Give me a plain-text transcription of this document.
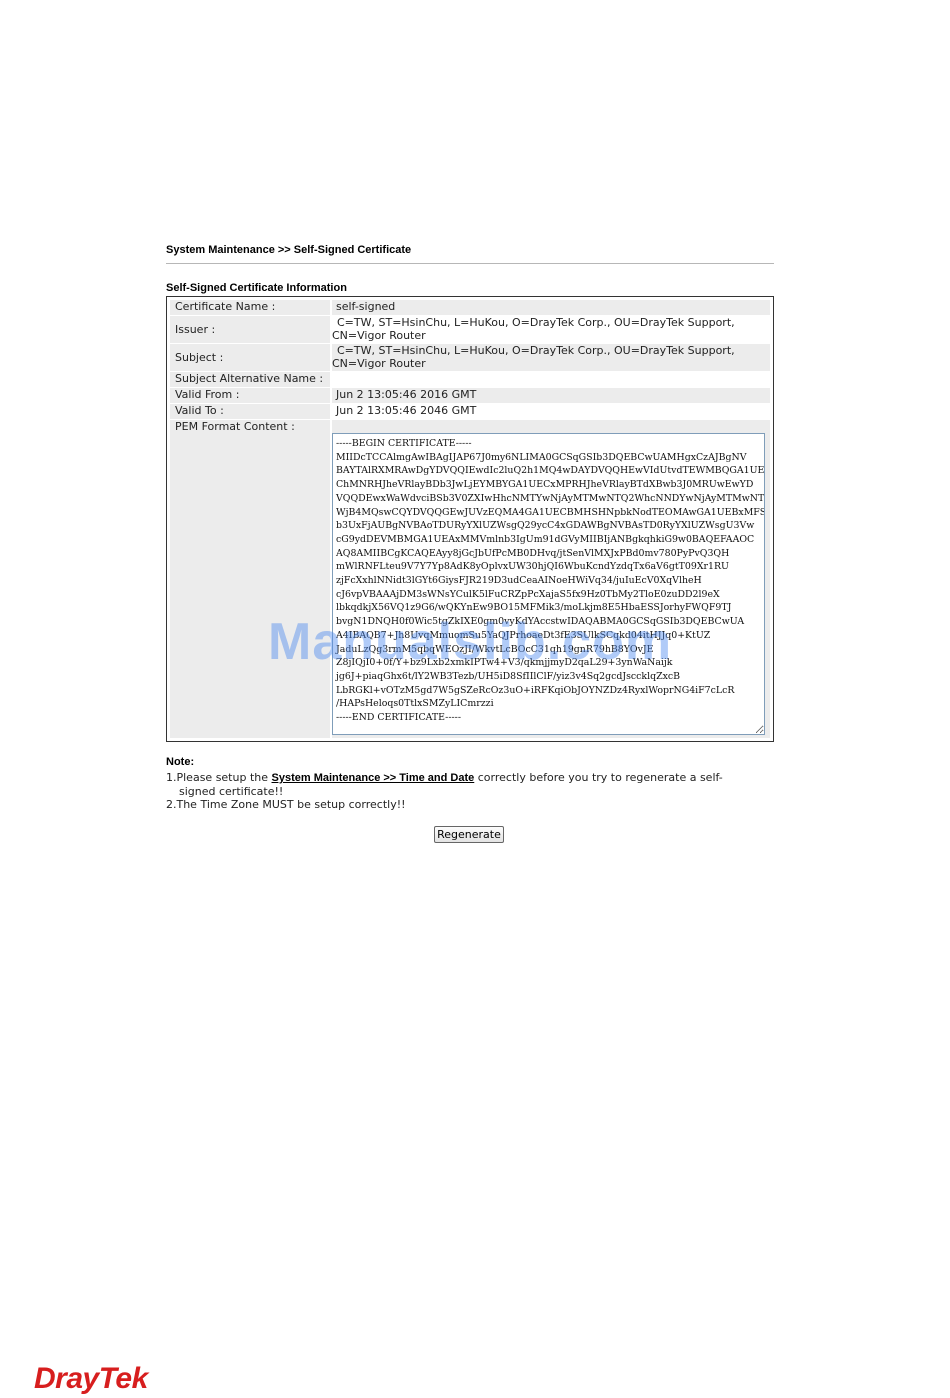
System Maintenance >> Self-Signed Certificate
Self-Signed Certificate Information
Certificate Name :	self-signed
Issuer :
C=TW, ST=HsinChu, L=HuKou, O=DrayTek Corp., OU=DrayTek Support,
CN=Vigor Router
Subject :
C=TW, ST=HsinChu, L=HuKou, O=DrayTek Corp., OU=DrayTek Support,
CN=Vigor Router
Subject Alternative Name :
Valid From :	Jun 2 13:05:46 2016 GMT
Valid To :	Jun 2 13:05:46 2046 GMT
PEM Format Content :
-----BEGIN CERTIFICATE----- MIIDcTCCAlmgAwIBAgIJAP67J0my6NLIMA0GCSqGSIb3DQEBCwUAMHgxCzAJBgNV BAYTAlRXMRAwDgYDVQQIEwdIc2luQ2h1MQ4wDAYDVQQHEwVIdUtvdTEWMBQGA1UE ChMNRHJheVRlayBDb3JwLjEYMBYGA1UECxMPRHJheVRlayBTdXBwb3J0MRUwEwYD VQQDEwxWaWdvciBSb3V0ZXIwHhcNMTYwNjAyMTMwNTQ2WhcNNDYwNjAyMTMwNTQ2 WjB4MQswCQYDVQQGEwJUVzEQMA4GA1UECBMHSHNpbkNodTEOMAwGA1UEBxMFSHVL b3UxFjAUBgNVBAoTDURyYXlUZWsgQ29ycC4xGDAWBgNVBAsTD0RyYXlUZWsgU3Vw cG9ydDEVMBMGA1UEAxMMVmlnb3IgUm91dGVyMIIBIjANBgkqhkiG9w0BAQEFAAOC AQ8AMIIBCgKCAQEAyy8jGcJbUfPcMB0DHvq/jtSenVlMXJxPBd0mv780PyPvQ3QH mWlRNFLteu9V7Y7Yp8AdK8yOplvxUW30hjQI6WbuKcndYzdqTx6aV6gtT09Xr1RU zjFcXxhlNNidt3lGYt6GiysFJR219D3udCeaAINoeHWiVq34/juIuEcV0XqVlheH cJ6vpVBAAAjDM3sWNsYCulK5lFuCRZpPcXajaS5fx9Hz0TbMy2TloE0zuDD2l9eX lbkqdkjX56VQ1z9G6/wQKYnEw9BO15MFMik3/moLkjm8E5HbaESSJorhyFWQF9TJ bvgN1DNQH0f0Wic5tgZkIXE0gm0vyKdYAccstwIDAQABMA0GCSqGSIb3DQEBCwUA A4IBAQB7+Jh8UvqMmuomSu5YaQJPrhoaeDt3fE3SUlkSCqkd04itHJJq0+KtUZ JaduLzQg3rmM5qbqWEOzJI/WkvtLcBOcC31qh19gnR79hB8YOvJE Z8jIQjI0+0f/Y+bz9Lxb2xmkIPTw4+V3/qkmjjmyD2qaL29+3ynWaNaijk jg6J+piaqGhx6t/lY2WB3Tezb/UH5iD8SfIIlClF/yiz3v4Sq2gcdJsccklqZxcB LbRGKl+vOTzM5gd7W5gSZeRcOz3uO+iRFKqiObJOYNZDz4RyxlWoprNG4iF7cLcR /HAPsHeloqs0TtlxSMZyLICmrzzi -----END CERTIFICATE-----
Manualslib.com
Note:
1.Please setup the System Maintenance >> Time and Date correctly before you try to regenerate a self-
signed certificate!!
2.The Time Zone MUST be setup correctly!!
Regenerate
DrayTek
